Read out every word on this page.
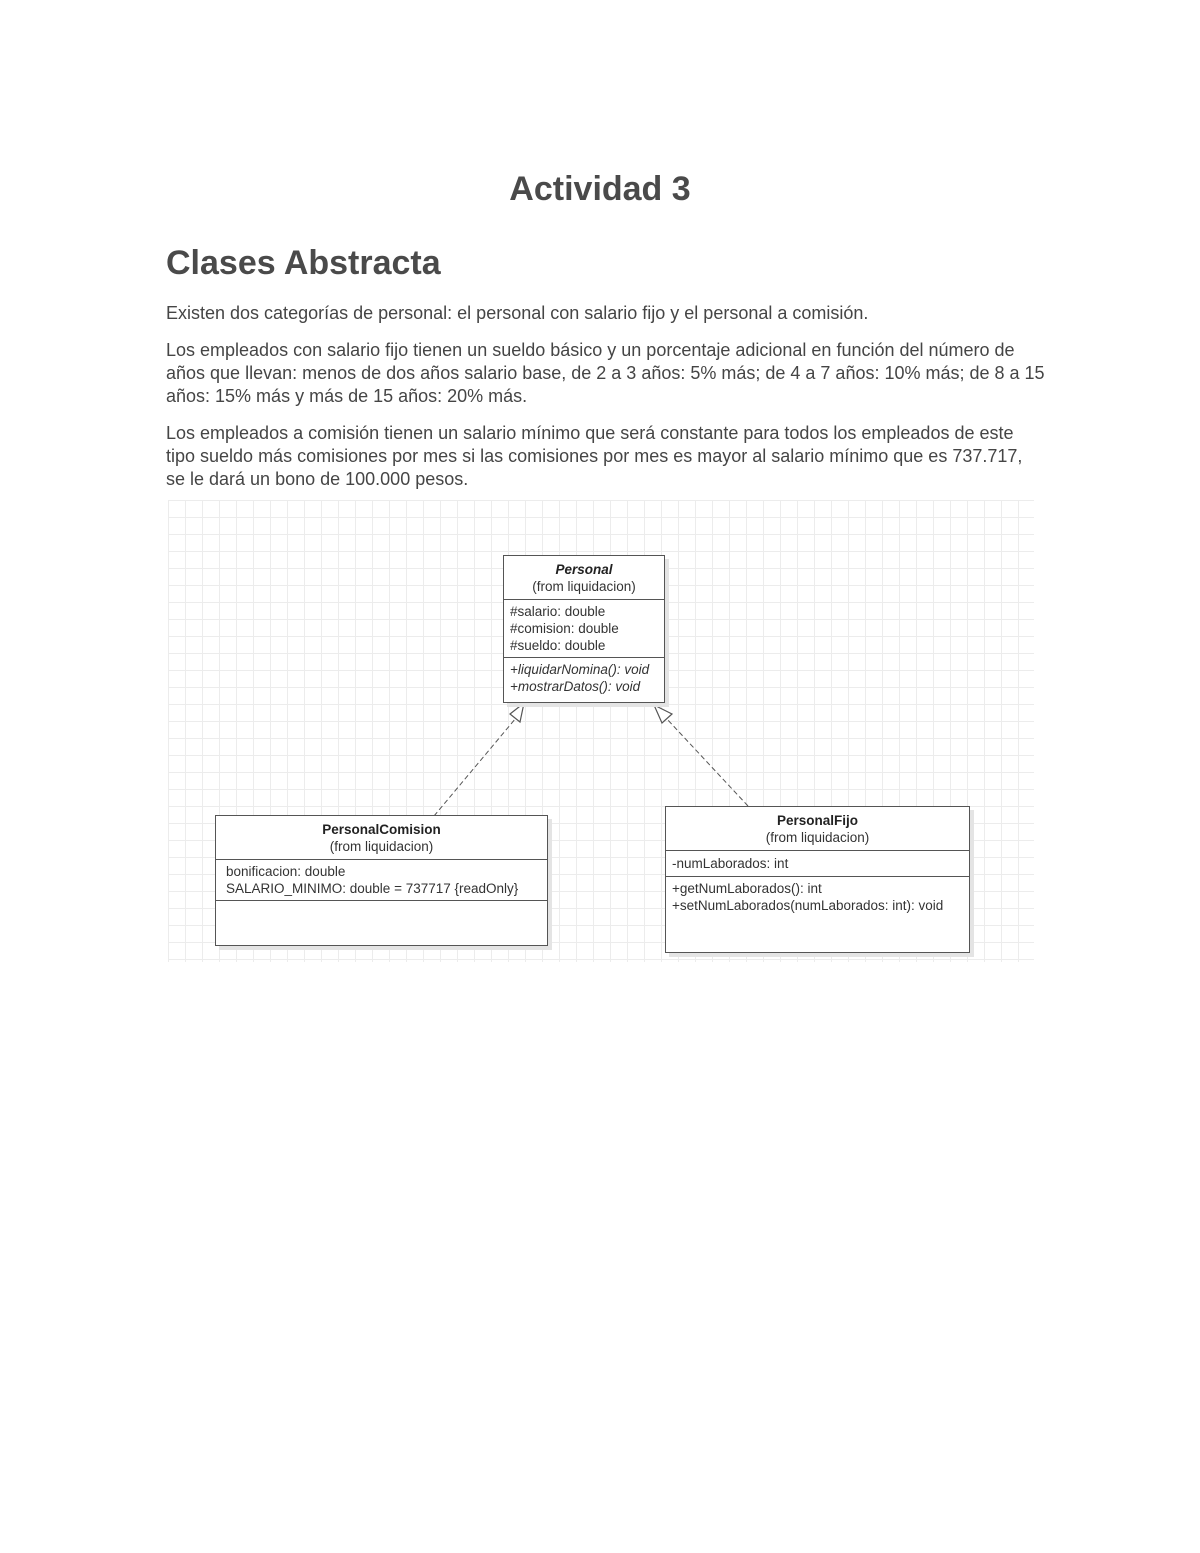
Actividad 3
Clases Abstracta

Existen dos categorías de personal: el personal con salario fijo y el personal a comisión.

Los empleados con salario fijo tienen un sueldo básico y un porcentaje adicional en función del número de años que llevan: menos de dos años salario base, de 2 a 3 años: 5% más; de 4 a 7 años: 10% más; de 8 a 15 años: 15% más y más de 15 años: 20% más.

Los empleados a comisión tienen un salario mínimo que será constante para todos los empleados de este tipo sueldo más comisiones por mes si las comisiones por mes es mayor al salario mínimo que es 737.717, se le dará un bono de 100.000 pesos.

Personal
(from liquidacion)
#salario: double
#comision: double
#sueldo: double
+liquidarNomina(): void
+mostrarDatos(): void
PersonalComision
(from liquidacion)
bonificacion: double
SALARIO_MINIMO: double = 737717 {readOnly}
PersonalFijo
(from liquidacion)
-numLaborados: int
+getNumLaborados(): int
+setNumLaborados(numLaborados: int): void
